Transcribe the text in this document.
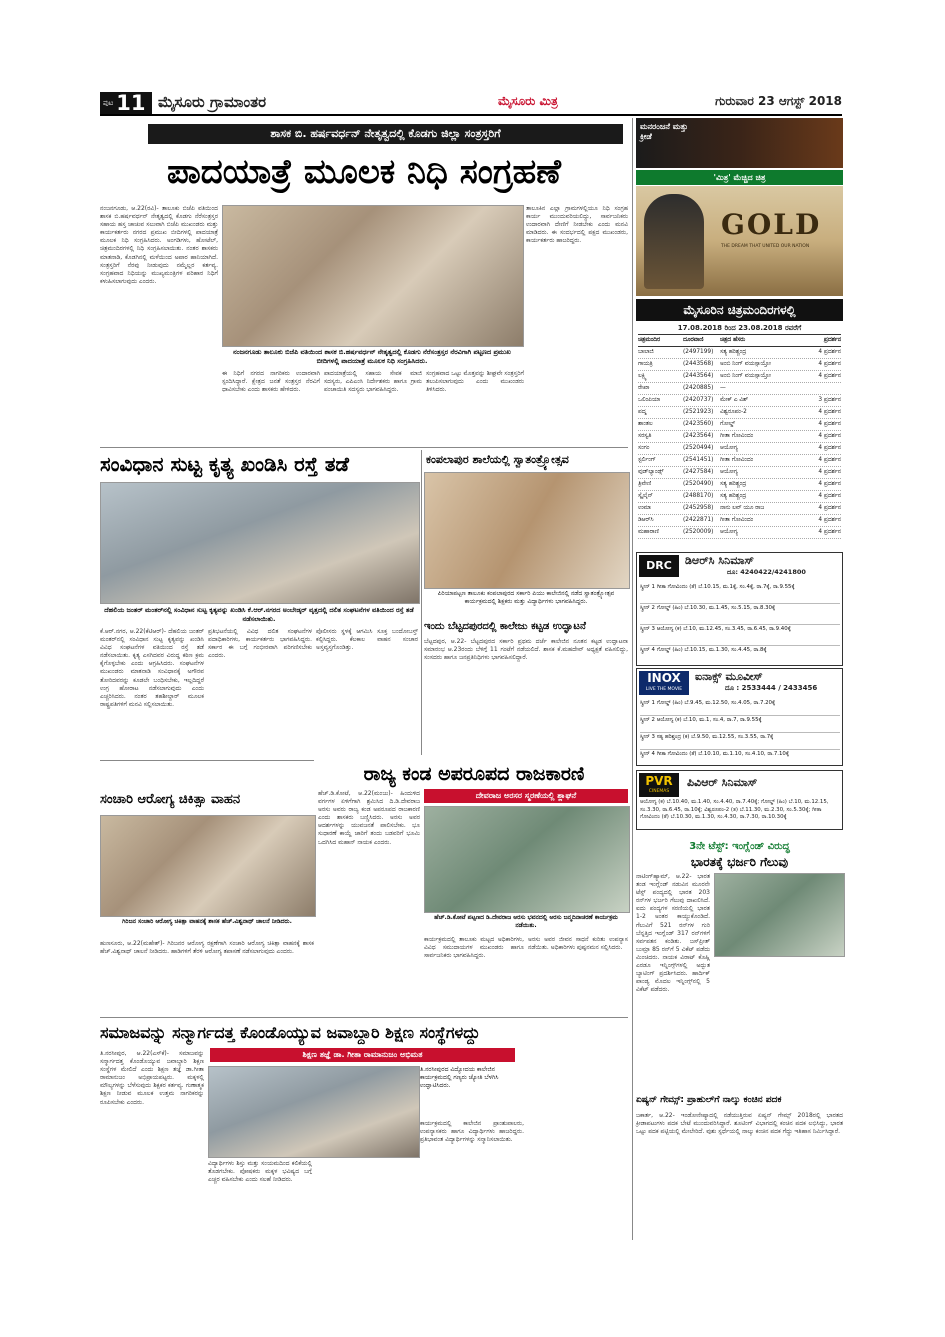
ಪುಟ 11 ಮೈಸೂರು ಗ್ರಾಮಾಂತರ	ಮೈಸೂರು ಮಿತ್ರ	ಗುರುವಾರ 23 ಆಗಸ್ಟ್ 2018
ಶಾಸಕ ಬಿ. ಹರ್ಷವರ್ಧನ್ ನೇತೃತ್ವದಲ್ಲಿ ಕೊಡಗು ಜಿಲ್ಲಾ ಸಂತ್ರಸ್ತರಿಗೆ
ಪಾದಯಾತ್ರೆ ಮೂಲಕ ನಿಧಿ ಸಂಗ್ರಹಣೆ
ನಂಜನಗೂಡು, ಆ.22(ರವಿ)- ತಾಲೂಕು ಬಿಜೆಪಿ ವತಿಯಿಂದ ಶಾಸಕ ಬಿ.ಹರ್ಷವರ್ಧನ್ ನೇತೃತ್ವದಲ್ಲಿ ಕೊಡಗು ನೆರೆಸಂತ್ರಸ್ತರ ಸಹಾಯ ಹಸ್ತ ಚಾಚುವ ಸಲುವಾಗಿ ಬಿಜೆಪಿ ಮುಖಂಡರು ಮತ್ತು ಕಾರ್ಯಕರ್ತರು ನಗರದ ಪ್ರಮುಖ ಬೀದಿಗಳಲ್ಲಿ ಪಾದಯಾತ್ರೆ ಮೂಲಕ ನಿಧಿ ಸಂಗ್ರಹಿಸಿದರು. ಅಂಗಡಿಗಳು, ಹೋಟೆಲ್, ಚಿತ್ರಮಂದಿರಗಳಲ್ಲಿ ನಿಧಿ ಸಂಗ್ರಹಿಸಲಾಯಿತು. ನಂತರ ಶಾಸಕರು ಮಾತನಾಡಿ, ಕೊಡಗಿನಲ್ಲಿ ಮಳೆಯಿಂದ ಅಪಾರ ಹಾನಿಯಾಗಿದೆ. ಸಂತ್ರಸ್ತರಿಗೆ ನೆರವು ನೀಡುವುದು ನಮ್ಮೆಲ್ಲರ ಕರ್ತವ್ಯ. ಸಂಗ್ರಹವಾದ ನಿಧಿಯನ್ನು ಮುಖ್ಯಮಂತ್ರಿಗಳ ಪರಿಹಾರ ನಿಧಿಗೆ ಕಳುಹಿಸಲಾಗುವುದು ಎಂದರು.
ನಂಜನಗೂಡು ತಾಲೂಕು ಬಿಜೆಪಿ ವತಿಯಿಂದ ಶಾಸಕ ಬಿ.ಹರ್ಷವರ್ಧನ್ ನೇತೃತ್ವದಲ್ಲಿ ಕೊಡಗು ನೆರೆಸಂತ್ರಸ್ತರ ನೆರವಿಗಾಗಿ ಪಟ್ಟಣದ ಪ್ರಮುಖ ಬೀದಿಗಳಲ್ಲಿ ಪಾದಯಾತ್ರೆ ಮೂಲಕ ನಿಧಿ ಸಂಗ್ರಹಿಸಿದರು.
ತಾಲೂಕಿನ ಎಲ್ಲಾ ಗ್ರಾಮಗಳಲ್ಲಿಯೂ ನಿಧಿ ಸಂಗ್ರಹ ಕಾರ್ಯ ಮುಂದುವರಿಯಲಿದ್ದು, ಸಾರ್ವಜನಿಕರು ಉದಾರವಾಗಿ ದೇಣಿಗೆ ನೀಡಬೇಕು ಎಂದು ಮನವಿ ಮಾಡಿದರು. ಈ ಸಂದರ್ಭದಲ್ಲಿ ಪಕ್ಷದ ಮುಖಂಡರು, ಕಾರ್ಯಕರ್ತರು ಹಾಜರಿದ್ದರು.
ಈ ನಿಧಿಗೆ ನಗರದ ನಾಗರಿಕರು ಉದಾರವಾಗಿ ಸ್ಪಂದಿಸಿದ್ದಾರೆ. ಕ್ಷೇತ್ರದ ಜನತೆ ಸಂತ್ರಸ್ತರ ನೆರವಿಗೆ ಧಾವಿಸಬೇಕು ಎಂದು ಶಾಸಕರು ಹೇಳಿದರು.
ಪಾದಯಾತ್ರೆಯಲ್ಲಿ ಸಹಾಯ ಸೇವಕ ಮಾಜಿ ಸದಸ್ಯರು, ಎಪಿಎಂಸಿ ನಿರ್ದೇಶಕರು ಹಾಗೂ ಗ್ರಾಮ ಪಂಚಾಯಿತಿ ಸದಸ್ಯರು ಭಾಗವಹಿಸಿದ್ದರು.
ಸಂಗ್ರಹವಾದ ಒಟ್ಟು ಮೊತ್ತವನ್ನು ಶೀಘ್ರವೇ ಸಂತ್ರಸ್ತರಿಗೆ ತಲುಪಿಸಲಾಗುವುದು ಎಂದು ಮುಖಂಡರು ತಿಳಿಸಿದರು.
ಸಂವಿಧಾನ ಸುಟ್ಟ ಕೃತ್ಯ ಖಂಡಿಸಿ ರಸ್ತೆ ತಡೆ
ದೆಹಲಿಯ ಜಂತರ್ ಮಂತರ್‌ನಲ್ಲಿ ಸಂವಿಧಾನ ಸುಟ್ಟ ಕೃತ್ಯವನ್ನು ಖಂಡಿಸಿ ಕೆ.ಆರ್.ನಗರದ ಅಂಬೇಡ್ಕರ್ ವೃತ್ತದಲ್ಲಿ ದಲಿತ ಸಂಘಟನೆಗಳ ವತಿಯಿಂದ ರಸ್ತೆ ತಡೆ ನಡೆಸಲಾಯಿತು.
ಕೆ.ಆರ್.ನಗರ, ಆ.22(ಕೆಟಿಆರ್)- ದೆಹಲಿಯ ಜಂತರ್ ಮಂತರ್‌ನಲ್ಲಿ ಸಂವಿಧಾನ ಸುಟ್ಟ ಕೃತ್ಯವನ್ನು ಖಂಡಿಸಿ ವಿವಿಧ ಸಂಘಟನೆಗಳ ವತಿಯಿಂದ ರಸ್ತೆ ತಡೆ ನಡೆಸಲಾಯಿತು. ಕೃತ್ಯ ಎಸಗಿದವರ ವಿರುದ್ಧ ಕಠಿಣ ಕ್ರಮ ಕೈಗೊಳ್ಳಬೇಕು ಎಂದು ಆಗ್ರಹಿಸಿದರು. ಸಂಘಟನೆಗಳ ಮುಖಂಡರು ಮಾತನಾಡಿ ಸಂವಿಧಾನಕ್ಕೆ ಅಗೌರವ ತೋರಿದವರನ್ನು ಕೂಡಲೇ ಬಂಧಿಸಬೇಕು, ಇಲ್ಲದಿದ್ದರೆ ಉಗ್ರ ಹೋರಾಟ ನಡೆಸಲಾಗುವುದು ಎಂದು ಎಚ್ಚರಿಸಿದರು. ನಂತರ ತಹಶೀಲ್ದಾರ್ ಮೂಲಕ ರಾಷ್ಟ್ರಪತಿಗಳಿಗೆ ಮನವಿ ಸಲ್ಲಿಸಲಾಯಿತು.
ಪ್ರತಿಭಟನೆಯಲ್ಲಿ ವಿವಿಧ ದಲಿತ ಸಂಘಟನೆಗಳ ಪದಾಧಿಕಾರಿಗಳು, ಕಾರ್ಯಕರ್ತರು ಭಾಗವಹಿಸಿದ್ದರು. ಸರ್ಕಾರ ಈ ಬಗ್ಗೆ ಗಂಭೀರವಾಗಿ ಪರಿಗಣಿಸಬೇಕು ಎಂದರು.
ಪೊಲೀಸರು ಸ್ಥಳಕ್ಕೆ ಆಗಮಿಸಿ ಸೂಕ್ತ ಬಂದೋಬಸ್ತ್ ಕಲ್ಪಿಸಿದ್ದರು. ಕೆಲಕಾಲ ವಾಹನ ಸಂಚಾರ ಅಸ್ತವ್ಯಸ್ತಗೊಂಡಿತ್ತು.
ಕಂಪಲಾಪುರ ಶಾಲೆಯಲ್ಲಿ ಸ್ವಾತಂತ್ರ್ಯೋತ್ಸವ
ಪಿರಿಯಾಪಟ್ಟಣ ತಾಲೂಕು ಕಂಪಲಾಪುರದ ಸರ್ಕಾರಿ ಪಿಯು ಕಾಲೇಜಿನಲ್ಲಿ ನಡೆದ ಸ್ವಾತಂತ್ರ್ಯೋತ್ಸವ ಕಾರ್ಯಕ್ರಮದಲ್ಲಿ ಶಿಕ್ಷಕರು ಮತ್ತು ವಿದ್ಯಾರ್ಥಿಗಳು ಭಾಗವಹಿಸಿದ್ದರು.
ಇಂದು ಬೆಟ್ಟದಪುರದಲ್ಲಿ ಕಾಲೇಜು ಕಟ್ಟಡ ಉದ್ಘಾಟನೆ
ಬೆಟ್ಟದಪುರ, ಆ.22- ಬೆಟ್ಟದಪುರದ ಸರ್ಕಾರಿ ಪ್ರಥಮ ದರ್ಜೆ ಕಾಲೇಜಿನ ನೂತನ ಕಟ್ಟಡ ಉದ್ಘಾಟನಾ ಸಮಾರಂಭ ಆ.23ರಂದು ಬೆಳಿಗ್ಗೆ 11 ಗಂಟೆಗೆ ನಡೆಯಲಿದೆ. ಶಾಸಕ ಕೆ.ಮಹದೇವ್ ಅಧ್ಯಕ್ಷತೆ ವಹಿಸಲಿದ್ದು, ಸಂಸದರು ಹಾಗೂ ಜನಪ್ರತಿನಿಧಿಗಳು ಭಾಗವಹಿಸಲಿದ್ದಾರೆ.
ರಾಜ್ಯ ಕಂಡ ಅಪರೂಪದ ರಾಜಕಾರಣಿ
ದೇವರಾಜ ಅರಸರ ಸ್ಮರಣೆಯಲ್ಲಿ ಶ್ಲಾಘನೆ
ಹೆಚ್.ಡಿ.ಕೋಟೆ, ಆ.22(ಮಂಜು)- ಹಿಂದುಳಿದ ವರ್ಗಗಳ ಏಳಿಗೆಗಾಗಿ ಶ್ರಮಿಸಿದ ದಿ.ಡಿ.ದೇವರಾಜ ಅರಸು ಅವರು ರಾಜ್ಯ ಕಂಡ ಅಪರೂಪದ ರಾಜಕಾರಣಿ ಎಂದು ಶಾಸಕರು ಬಣ್ಣಿಸಿದರು. ಅರಸು ಅವರ ಆದರ್ಶಗಳನ್ನು ಯುವಜನತೆ ಪಾಲಿಸಬೇಕು. ಭೂ ಸುಧಾರಣೆ ಕಾಯ್ದೆ ಜಾರಿಗೆ ತಂದು ಬಡವರಿಗೆ ಭೂಮಿ ಒದಗಿಸಿದ ಮಹಾನ್ ನಾಯಕ ಎಂದರು.
ಹೆಚ್.ಡಿ.ಕೋಟೆ ಪಟ್ಟಣದ ಡಿ.ದೇವರಾಜ ಅರಸು ಭವನದಲ್ಲಿ ಅರಸು ಜನ್ಮದಿನಾಚರಣೆ ಕಾರ್ಯಕ್ರಮ ನಡೆಯಿತು.
ಕಾರ್ಯಕ್ರಮದಲ್ಲಿ ತಾಲೂಕು ಮಟ್ಟದ ಅಧಿಕಾರಿಗಳು, ವಿವಿಧ ಸಮುದಾಯಗಳ ಮುಖಂಡರು ಹಾಗೂ ಸಾರ್ವಜನಿಕರು ಭಾಗವಹಿಸಿದ್ದರು.
ಅರಸು ಅವರ ಜೀವನ ಸಾಧನೆ ಕುರಿತು ಉಪನ್ಯಾಸ ನಡೆಯಿತು. ಅಧಿಕಾರಿಗಳು ಪುಷ್ಪನಮನ ಸಲ್ಲಿಸಿದರು.
ಸಂಚಾರಿ ಆರೋಗ್ಯ ಚಿಕಿತ್ಸಾ ವಾಹನ
ಗಿರಿಜನ ಸಂಚಾರಿ ಆರೋಗ್ಯ ಚಿಕಿತ್ಸಾ ವಾಹನಕ್ಕೆ ಶಾಸಕ ಹೆಚ್.ವಿಶ್ವನಾಥ್ ಚಾಲನೆ ನೀಡಿದರು.
ಹುಣಸೂರು, ಆ.22(ಮಹೇಶ್)- ಗಿರಿಜನರ ಆರೋಗ್ಯ ರಕ್ಷಣೆಗಾಗಿ ಸಂಚಾರಿ ಆರೋಗ್ಯ ಚಿಕಿತ್ಸಾ ವಾಹನಕ್ಕೆ ಶಾಸಕ ಹೆಚ್.ವಿಶ್ವನಾಥ್ ಚಾಲನೆ ನೀಡಿದರು. ಹಾಡಿಗಳಿಗೆ ತೆರಳಿ ಆರೋಗ್ಯ ತಪಾಸಣೆ ನಡೆಸಲಾಗುವುದು ಎಂದರು.
ಸಮಾಜವನ್ನು ಸನ್ಮಾರ್ಗದತ್ತ ಕೊಂಡೊಯ್ಯುವ ಜವಾಬ್ದಾರಿ ಶಿಕ್ಷಣ ಸಂಸ್ಥೆಗಳದ್ದು
ಶಿಕ್ಷಣ ತಜ್ಞೆ ಡಾ. ಗೀತಾ ರಾಮಾನುಜಂ ಅಭಿಮತ
ತಿ.ನರಸೀಪುರ, ಆ.22(ಎಸ್‌ಕೆ)- ಸಮಾಜವನ್ನು ಸನ್ಮಾರ್ಗದತ್ತ ಕೊಂಡೊಯ್ಯುವ ಜವಾಬ್ದಾರಿ ಶಿಕ್ಷಣ ಸಂಸ್ಥೆಗಳ ಮೇಲಿದೆ ಎಂದು ಶಿಕ್ಷಣ ತಜ್ಞೆ ಡಾ.ಗೀತಾ ರಾಮಾನುಜಂ ಅಭಿಪ್ರಾಯಪಟ್ಟರು. ಮಕ್ಕಳಲ್ಲಿ ಮೌಲ್ಯಗಳನ್ನು ಬೆಳೆಸುವುದು ಶಿಕ್ಷಕರ ಕರ್ತವ್ಯ. ಗುಣಾತ್ಮಕ ಶಿಕ್ಷಣ ನೀಡುವ ಮೂಲಕ ಉತ್ತಮ ನಾಗರಿಕರನ್ನು ರೂಪಿಸಬೇಕು ಎಂದರು.
ತಿ.ನರಸೀಪುರದ ವಿದ್ಯೋದಯ ಕಾಲೇಜಿನ ಕಾರ್ಯಕ್ರಮದಲ್ಲಿ ಗಣ್ಯರು ಜ್ಯೋತಿ ಬೆಳಗಿಸಿ ಉದ್ಘಾಟಿಸಿದರು.
ವಿದ್ಯಾರ್ಥಿಗಳು ಶಿಸ್ತು ಮತ್ತು ಸಂಯಮದಿಂದ ಕಲಿಕೆಯಲ್ಲಿ ತೊಡಗಬೇಕು. ಪೋಷಕರು ಮಕ್ಕಳ ಭವಿಷ್ಯದ ಬಗ್ಗೆ ಎಚ್ಚರ ವಹಿಸಬೇಕು ಎಂದು ಸಲಹೆ ನೀಡಿದರು.
ಕಾರ್ಯಕ್ರಮದಲ್ಲಿ ಕಾಲೇಜಿನ ಪ್ರಾಂಶುಪಾಲರು, ಉಪನ್ಯಾಸಕರು ಹಾಗೂ ವಿದ್ಯಾರ್ಥಿಗಳು ಹಾಜರಿದ್ದರು. ಪ್ರತಿಭಾವಂತ ವಿದ್ಯಾರ್ಥಿಗಳನ್ನು ಸನ್ಮಾನಿಸಲಾಯಿತು.
ಮನರಂಜನೆ ಮತ್ತು ಕ್ರೀಡೆ
'ಮಿತ್ರ' ಮೆಚ್ಚಿದ ಚಿತ್ರ
GOLD
THE DREAM THAT UNITED OUR NATION
ಮೈಸೂರಿನ ಚಿತ್ರಮಂದಿರಗಳಲ್ಲಿ
17.08.2018 ರಿಂದ 23.08.2018 ರವರೆಗೆ
ಚಿತ್ರಮಂದಿರ	ದೂರವಾಣಿ	ಚಿತ್ರದ ಹೆಸರು	ಪ್ರದರ್ಶನ
ಬಾಲಾಜಿ	(2497199)	ಸತ್ಯ ಹರಿಶ್ಚಂದ್ರ	4 ಪ್ರದರ್ಶನ
ಗಾಯತ್ರಿ	(2443568)	ಅಂಬಿ ನಿಂಗ್ ವಯಸ್ಸಾಯ್ತೋ	4 ಪ್ರದರ್ಶನ
ಲಕ್ಷ್ಮಿ	(2443564)	ಅಂಬಿ ನಿಂಗ್ ವಯಸ್ಸಾಯ್ತೋ	4 ಪ್ರದರ್ಶನ
ರೇಖಾ	(2420885)	—
ಒಲಿಂಪಿಯಾ	(2420737)	ಮೇಕ್ ಎ ವಿಶ್	3 ಪ್ರದರ್ಶನ
ಪದ್ಮ	(2521923)	ವಿಶ್ವರೂಪಂ-2	4 ಪ್ರದರ್ಶನ
ಶಾಂತಲ	(2423560)	ಗೋಲ್ಡ್	4 ಪ್ರದರ್ಶನ
ಸರಸ್ವತಿ	(2423564)	ಗೀತಾ ಗೋವಿಂದಂ	4 ಪ್ರದರ್ಶನ
ಸಂಗಂ	(2520494)	ಆಯೋಗ್ಯ	4 ಪ್ರದರ್ಶನ
ಸ್ಟರ್ಲಿಂಗ್	(2541451)	ಗೀತಾ ಗೋವಿಂದಂ	4 ಪ್ರದರ್ಶನ
ವುಡ್‌ಲ್ಯಾಂಡ್ಸ್	(2427584)	ಆಯೋಗ್ಯ	4 ಪ್ರದರ್ಶನ
ತ್ರಿವೇಣಿ	(2520490)	ಸತ್ಯ ಹರಿಶ್ಚಂದ್ರ	4 ಪ್ರದರ್ಶನ
ಸ್ಕೈಲೈನ್	(2488170)	ಸತ್ಯ ಹರಿಶ್ಚಂದ್ರ	4 ಪ್ರದರ್ಶನ
ಉಮಾ	(2452958)	ನಾನು ಲವ್ ಯೂ ರಾಜ	4 ಪ್ರದರ್ಶನ
ಡಿಆರ್‌ಸಿ	(2422871)	ಗೀತಾ ಗೋವಿಂದಂ	4 ಪ್ರದರ್ಶನ
ಮಹಾರಾಣಿ	(2520009)	ಆಯೋಗ್ಯ	4 ಪ್ರದರ್ಶನ
DRC	ಡಿಆರ್‌ಸಿ ಸಿನಿಮಾಸ್
ದೂ: 4240422/4241800
ಸ್ಕ್ರೀನ್ 1 ಗೀತಾ ಗೋವಿಂದಂ (ತೆ) ಬೆ.10.15, ಮ.1ಕ್ಕೆ, ಸಂ.4ಕ್ಕೆ, ರಾ.7ಕ್ಕೆ, ರಾ.9.55ಕ್ಕೆ
ಸ್ಕ್ರೀನ್ 2 ಗೋಲ್ಡ್ (ಹಿಂ) ಬೆ.10.30, ಮ.1.45, ಸಂ.5.15, ರಾ.8.30ಕ್ಕೆ
ಸ್ಕ್ರೀನ್ 3 ಆಯೋಗ್ಯ (ಕ) ಬೆ.10, ಮ.12.45, ಸಂ.3.45, ರಾ.6.45, ರಾ.9.40ಕ್ಕೆ
ಸ್ಕ್ರೀನ್ 4 ಗೋಲ್ಡ್ (ಹಿಂ) ಬೆ.10.15, ಮ.1.30, ಸಂ.4.45, ರಾ.8ಕ್ಕೆ
INOX
LIVE THE MOVIE
ಐನಾಕ್ಸ್ ಮೂವೀಸ್
ದೂ : 2533444 / 2433456
ಸ್ಕ್ರೀನ್ 1 ಗೋಲ್ಡ್ (ಹಿಂ) ಬೆ.9.45, ಮ.12.50, ಸಂ.4.05, ರಾ.7.20ಕ್ಕೆ
ಸ್ಕ್ರೀನ್ 2 ಆಯೋಗ್ಯ (ಕ) ಬೆ.10, ಮ.1, ಸಂ.4, ರಾ.7, ರಾ.9.55ಕ್ಕೆ
ಸ್ಕ್ರೀನ್ 3 ಸತ್ಯ ಹರಿಶ್ಚಂದ್ರ (ಕ) ಬೆ.9.50, ಮ.12.55, ಸಂ.3.55, ರಾ.7ಕ್ಕೆ
ಸ್ಕ್ರೀನ್ 4 ಗೀತಾ ಗೋವಿಂದಂ (ತೆ) ಬೆ.10.10, ಮ.1.10, ಸಂ.4.10, ರಾ.7.10ಕ್ಕೆ
PVR
CINEMAS
ಪಿವಿಆರ್ ಸಿನಿಮಾಸ್
ಆಯೋಗ್ಯ (ಕ) ಬೆ.10.40, ಮ.1.40, ಸಂ.4.40, ರಾ.7.40ಕ್ಕೆ; ಗೋಲ್ಡ್ (ಹಿಂ) ಬೆ.10, ಮ.12.15, ಸಂ.3.30, ರಾ.6.45, ರಾ.10ಕ್ಕೆ; ವಿಶ್ವರೂಪಂ-2 (ತ) ಬೆ.11.30, ಮ.2.30, ಸಂ.5.30ಕ್ಕೆ; ಗೀತಾ ಗೋವಿಂದಂ (ತೆ) ಬೆ.10.30, ಮ.1.30, ಸಂ.4.30, ರಾ.7.30, ರಾ.10.30ಕ್ಕೆ
3ನೇ ಟೆಸ್ಟ್: ಇಂಗ್ಲೆಂಡ್ ವಿರುದ್ಧ
ಭಾರತಕ್ಕೆ ಭರ್ಜರಿ ಗೆಲುವು
ನಾಟಿಂಗ್‌ಹ್ಯಾಮ್, ಆ.22- ಭಾರತ ತಂಡ ಇಂಗ್ಲೆಂಡ್ ನಡುವಿನ ಮೂರನೇ ಟೆಸ್ಟ್ ಪಂದ್ಯದಲ್ಲಿ ಭಾರತ 203 ರನ್‌ಗಳ ಭರ್ಜರಿ ಗೆಲುವು ದಾಖಲಿಸಿದೆ. ಐದು ಪಂದ್ಯಗಳ ಸರಣಿಯಲ್ಲಿ ಭಾರತ 1-2 ಅಂತರ ಕಾಯ್ದುಕೊಂಡಿದೆ. ಗೆಲುವಿಗೆ 521 ರನ್‌ಗಳ ಗುರಿ ಬೆನ್ನತ್ತಿದ ಇಂಗ್ಲೆಂಡ್ 317 ರನ್‌ಗಳಿಗೆ ಸರ್ವಪತನ ಕಂಡಿತು. ಜಸ್‌ಪ್ರೀತ್ ಬುಮ್ರಾ 85 ರನ್‌ಗೆ 5 ವಿಕೆಟ್ ಪಡೆದು ಮಿಂಚಿದರು. ನಾಯಕ ವಿರಾಟ್ ಕೊಹ್ಲಿ ಎರಡೂ ಇನ್ನಿಂಗ್ಸ್‌ಗಳಲ್ಲಿ ಅದ್ಭುತ ಬ್ಯಾಟಿಂಗ್ ಪ್ರದರ್ಶಿಸಿದರು. ಹಾರ್ದಿಕ್ ಪಾಂಡ್ಯ ಮೊದಲ ಇನ್ನಿಂಗ್ಸ್‌ನಲ್ಲಿ 5 ವಿಕೆಟ್ ಪಡೆದರು.
ಏಷ್ಯನ್ ಗೇಮ್ಸ್: ಪ್ರಾಹುಲ್‌ಗೆ ನಾಲ್ಕು ಕಂಚಿನ ಪದಕ
ಜಕಾರ್ತ, ಆ.22- ಇಂಡೋನೇಷ್ಯಾದಲ್ಲಿ ನಡೆಯುತ್ತಿರುವ ಏಷ್ಯನ್ ಗೇಮ್ಸ್ 2018ರಲ್ಲಿ ಭಾರತದ ಕ್ರೀಡಾಪಟುಗಳು ಪದಕ ಬೇಟೆ ಮುಂದುವರಿಸಿದ್ದಾರೆ. ಶೂಟಿಂಗ್ ವಿಭಾಗದಲ್ಲಿ ಕಂಚಿನ ಪದಕ ಲಭಿಸಿದ್ದು, ಭಾರತ ಒಟ್ಟು ಪದಕ ಪಟ್ಟಿಯಲ್ಲಿ ಮೇಲೇರಿದೆ. ವುಶು ಸ್ಪರ್ಧೆಯಲ್ಲಿ ನಾಲ್ಕು ಕಂಚಿನ ಪದಕ ಗೆದ್ದು ಇತಿಹಾಸ ನಿರ್ಮಿಸಿದ್ದಾರೆ.
